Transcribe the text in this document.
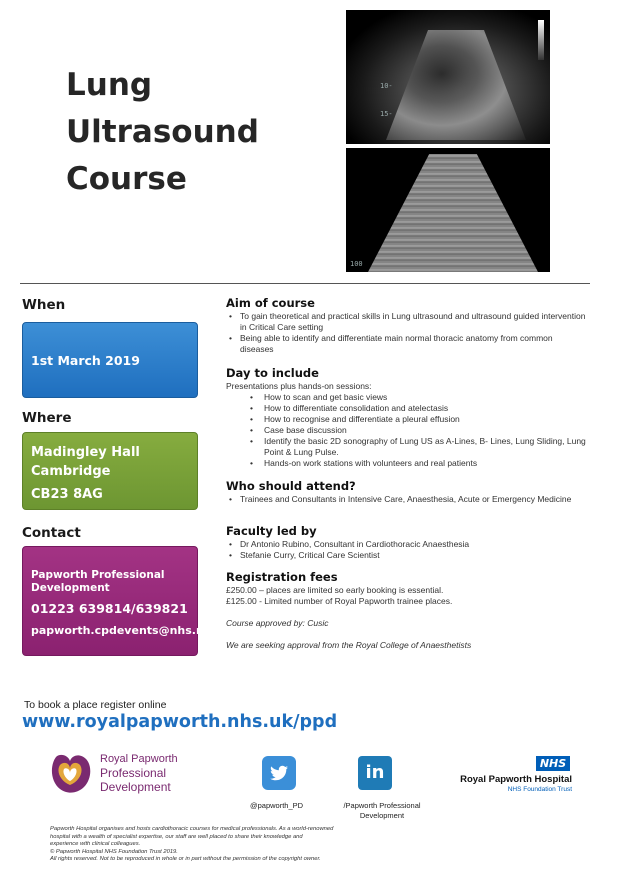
Lung
Ultrasound
Course
10-
15-
100
When
1st March 2019
Where
Madingley Hall
Cambridge
CB23 8AG
Contact
Papworth Professional Development
01223 639814/639821
papworth.cpdevents@nhs.net
Aim of course
• To gain theoretical and practical skills in Lung ultrasound and ultrasound guided intervention in Critical Care setting
• Being able to identify and differentiate main normal thoracic anatomy from common diseases
Day to include

Presentations plus hands-on sessions:

• How to scan and get basic views
• How to differentiate consolidation and atelectasis
• How to recognise and differentiate a pleural effusion
• Case base discussion
• Identify the basic 2D sonography of Lung US as A-Lines, B- Lines, Lung Sliding, Lung Point & Lung Pulse.
• Hands-on work stations with volunteers and real patients
Who should attend?
• Trainees and Consultants in Intensive Care, Anaesthesia, Acute or Emergency Medicine
Faculty led by
• Dr Antonio Rubino, Consultant in Cardiothoracic Anaesthesia
• Stefanie Curry, Critical Care Scientist
Registration fees

£250.00 – places are limited so early booking is essential.

£125.00 - Limited number of Royal Papworth trainee places.

Course approved by: Cusic

We are seeking approval from the Royal College of Anaesthetists

To book a place register online
www.royalpapworth.nhs.uk/ppd
Royal Papworth
Professional
Development
@papworth_PD
in
/Papworth Professional Development
NHS
Royal Papworth Hospital
NHS Foundation Trust
Papworth Hospital organises and hosts cardiothoracic courses for medical professionals. As a world-renowned
hospital with a wealth of specialist expertise, our staff are well placed to share their knowledge and
experience with clinical colleagues.
© Papworth Hospital NHS Foundation Trust 2019.
All rights reserved. Not to be reproduced in whole or in part without the permission of the copyright owner.
